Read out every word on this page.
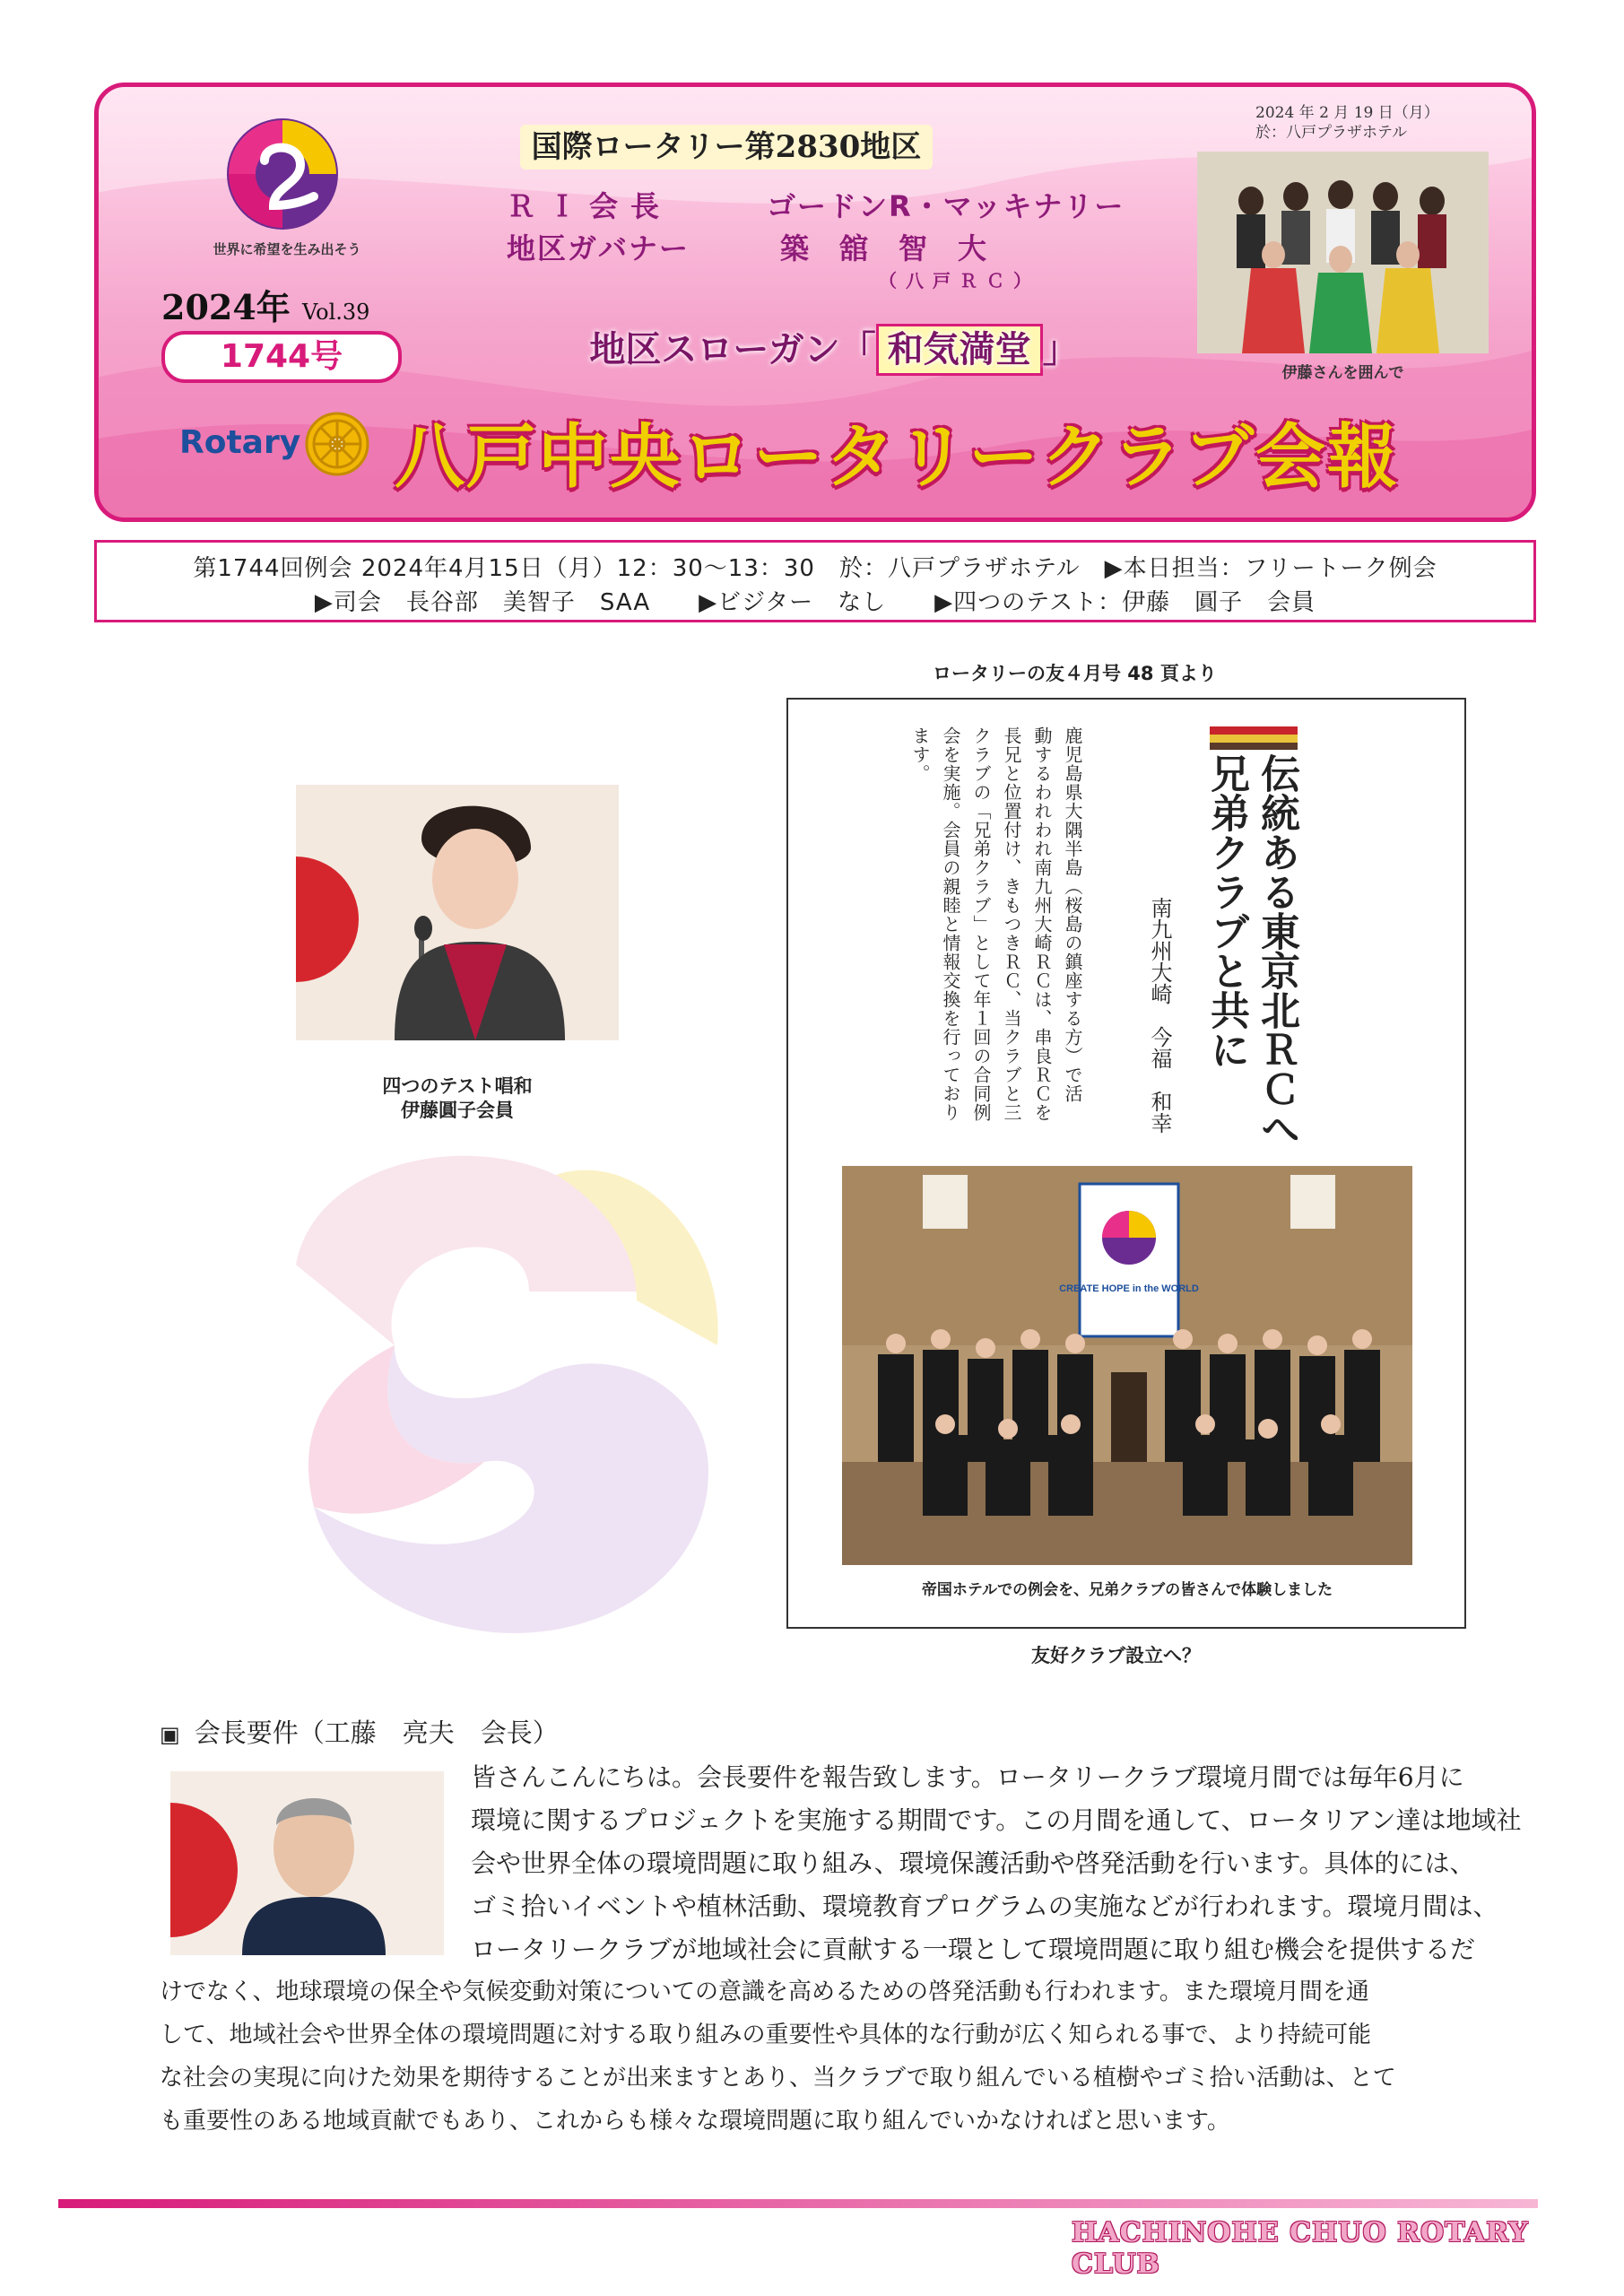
世界に希望を生み出そう
2024年 Vol.39
1744号
国際ロータリー第2830地区
ＲＩ会長	ゴードンR・マッキナリー
地区ガバナー	築舘智大
（八戸ＲＣ）
地区スローガン「 和気満堂 」
Rotary 八戸中央ロータリークラブ会報
2024 年 2 月 19 日（月）
於：八戸プラザホテル
伊藤さんを囲んで
第1744回例会 2024年4月15日（月）12：30～13：30　於：八戸プラザホテル　▶本日担当：フリートーク例会
▶司会　長谷部　美智子　SAA　　▶ビジター　なし　　▶四つのテスト：伊藤　圓子　会員
四つのテスト唱和
伊藤圓子会員
ロータリーの友４月号 48 頁より
伝統ある東京北ＲＣへ
兄弟クラブと共に
南九州大崎　今福　和幸
鹿児島県大隅半島（桜島の鎮座する方）で活
動するわれわれ南九州大崎ＲＣは、串良ＲＣを
長兄と位置付け、きもつきＲＣ、当クラブと三
クラブの「兄弟クラブ」として年１回の合同例
会を実施。会員の親睦と情報交換を行っており
ます。
CREATE HOPE in the WORLD
帝国ホテルでの例会を、兄弟クラブの皆さんで体験しました
友好クラブ設立へ？
▣ 会長要件（工藤　亮夫　会長）
皆さんこんにちは。会長要件を報告致します。ロータリークラブ環境月間では毎年6月に
環境に関するプロジェクトを実施する期間です。この月間を通して、ロータリアン達は地域社
会や世界全体の環境問題に取り組み、環境保護活動や啓発活動を行います。具体的には、
ゴミ拾いイベントや植林活動、環境教育プログラムの実施などが行われます。環境月間は、
ロータリークラブが地域社会に貢献する一環として環境問題に取り組む機会を提供するだ
けでなく、地球環境の保全や気候変動対策についての意識を高めるための啓発活動も行われます。また環境月間を通
して、地域社会や世界全体の環境問題に対する取り組みの重要性や具体的な行動が広く知られる事で、より持続可能
な社会の実現に向けた効果を期待することが出来ますとあり、当クラブで取り組んでいる植樹やゴミ拾い活動は、とて
も重要性のある地域貢献でもあり、これからも様々な環境問題に取り組んでいかなければと思います。
HACHINOHE CHUO ROTARY CLUB
